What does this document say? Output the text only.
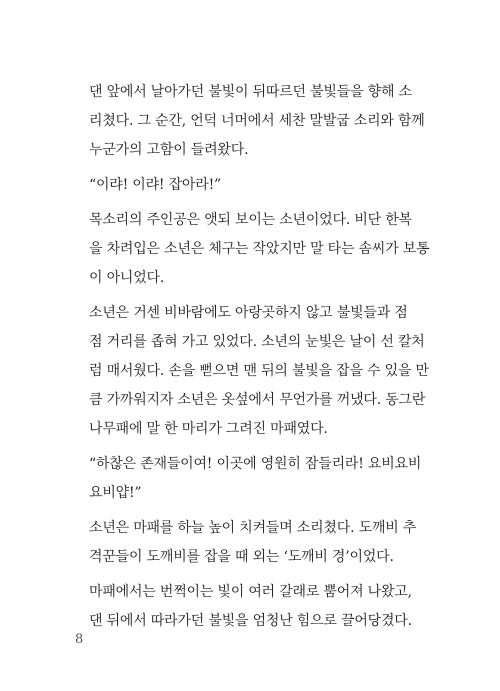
댄 앞에서 날아가던 불빛이 뒤따르던 불빛들을 향해 소
리쳤다. 그 순간, 언덕 너머에서 세찬 말발굽 소리와 함께
누군가의 고함이 들려왔다.

“이랴! 이랴! 잡아라!”

목소리의 주인공은 앳되 보이는 소년이었다. 비단 한복
을 차려입은 소년은 체구는 작았지만 말 타는 솜씨가 보통
이 아니었다.

소년은 거센 비바람에도 아랑곳하지 않고 불빛들과 점
점 거리를 좁혀 가고 있었다. 소년의 눈빛은 날이 선 칼처
럼 매서웠다. 손을 뻗으면 맨 뒤의 불빛을 잡을 수 있을 만
큼 가까워지자 소년은 옷섶에서 무언가를 꺼냈다. 동그란
나무패에 말 한 마리가 그려진 마패였다.

“하찮은 존재들이여! 이곳에 영원히 잠들리라! 요비요비
요비얍!”

소년은 마패를 하늘 높이 치켜들며 소리쳤다. 도깨비 추
격꾼들이 도깨비를 잡을 때 외는 ‘도깨비 경’이었다.

마패에서는 번쩍이는 빛이 여러 갈래로 뿜어져 나왔고,
댄 뒤에서 따라가던 불빛을 엄청난 힘으로 끌어당겼다.

8
